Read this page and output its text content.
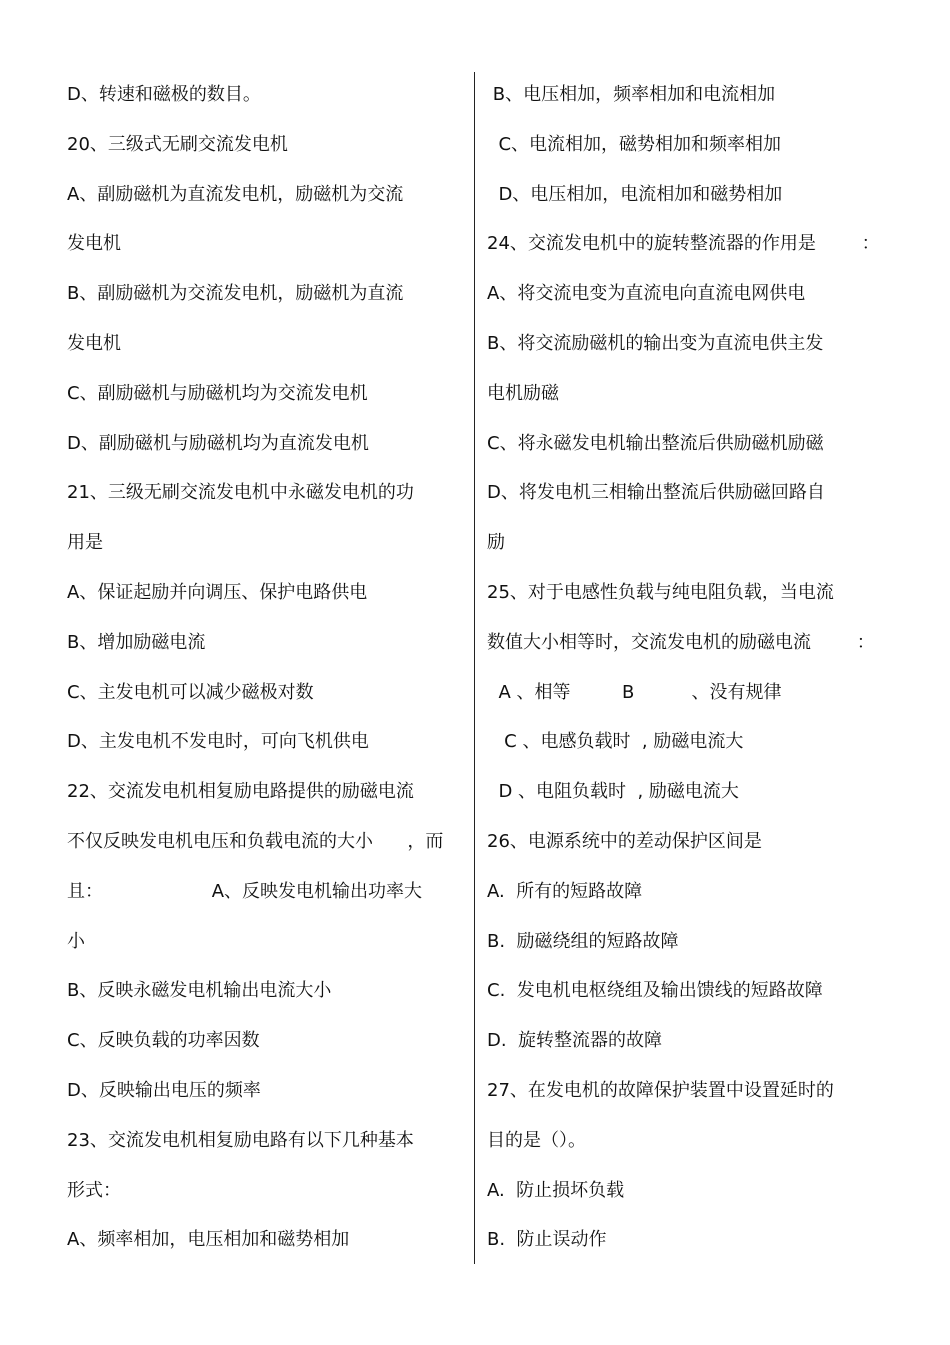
D、转速和磁极的数目。
20、三级式无刷交流发电机
A、副励磁机为直流发电机，励磁机为交流
发电机
B、副励磁机为交流发电机，励磁机为直流
发电机
C、副励磁机与励磁机均为交流发电机
D、副励磁机与励磁机均为直流发电机
21、三级无刷交流发电机中永磁发电机的功
用是
A、保证起励并向调压、保护电路供电
B、增加励磁电流
C、主发电机可以减少磁极对数
D、主发电机不发电时，可向飞机供电
22、交流发电机相复励电路提供的励磁电流
不仅反映发电机电压和负载电流的大小      ，而
且：                   A、反映发电机输出功率大
小
B、反映永磁发电机输出电流大小
C、反映负载的功率因数
D、反映输出电压的频率
23、交流发电机相复励电路有以下几种基本
形式：
A、频率相加，电压相加和磁势相加
B、电压相加，频率相加和电流相加
C、电流相加，磁势相加和频率相加
D、电压相加，电流相加和磁势相加
24、交流发电机中的旋转整流器的作用是        ：
A、将交流电变为直流电向直流电网供电
B、将交流励磁机的输出变为直流电供主发
电机励磁
C、将永磁发电机输出整流后供励磁机励磁
D、将发电机三相输出整流后供励磁回路自
励
25、对于电感性负载与纯电阻负载，当电流
数值大小相等时，交流发电机的励磁电流        ：
A 、相等         B          、没有规律
C 、电感负载时  , 励磁电流大
D 、电阻负载时  , 励磁电流大
26、电源系统中的差动保护区间是
A.  所有的短路故障
B.  励磁绕组的短路故障
C.  发电机电枢绕组及输出馈线的短路故障
D.  旋转整流器的故障
27、在发电机的故障保护装置中设置延时的
目的是（）。
A.  防止损坏负载
B.  防止误动作
